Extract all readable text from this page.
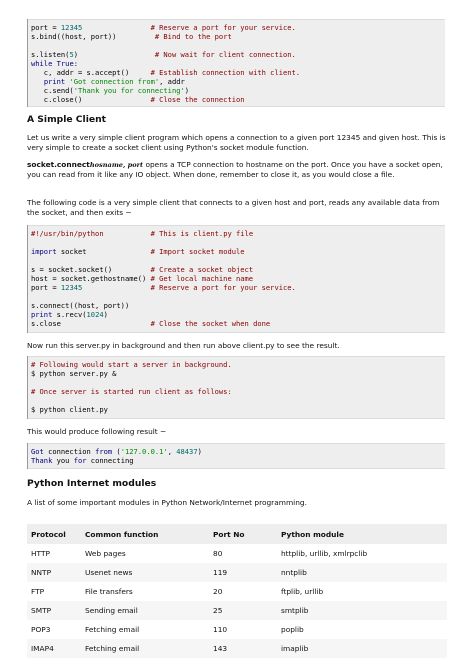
port = 12345                # Reserve a port for your service.
s.bind((host, port))         # Bind to the port
s.listen(5)                  # Now wait for client connection.
while True:
c, addr = s.accept()     # Establish connection with client.
print 'Got connection from', addr
c.send('Thank you for connecting')
c.close()                # Close the connection
A Simple Client

Let us write a very simple client program which opens a connection to a given port 12345 and given host. This is very simple to create a socket client using Python's socket module function.

socket.connecthosname, port opens a TCP connection to hostname on the port. Once you have a socket open, you can read from it like any IO object. When done, remember to close it, as you would close a file.

The following code is a very simple client that connects to a given host and port, reads any available data from the socket, and then exits −

#!/usr/bin/python           # This is client.py file
import socket               # Import socket module
s = socket.socket()         # Create a socket object
host = socket.gethostname() # Get local machine name
port = 12345                # Reserve a port for your service.
s.connect((host, port))
print s.recv(1024)
s.close                     # Close the socket when done

Now run this server.py in background and then run above client.py to see the result.

# Following would start a server in background.
$ python server.py &
# Once server is started run client as follows:
$ python client.py

This would produce following result −

Got connection from ('127.0.0.1', 48437)
Thank you for connecting
Python Internet modules

A list of some important modules in Python Network/Internet programming.

Protocol	Common function	Port No	Python module
HTTP	Web pages	80	httplib, urllib, xmlrpclib
NNTP	Usenet news	119	nntplib
FTP	File transfers	20	ftplib, urllib
SMTP	Sending email	25	smtplib
POP3	Fetching email	110	poplib
IMAP4	Fetching email	143	imaplib
